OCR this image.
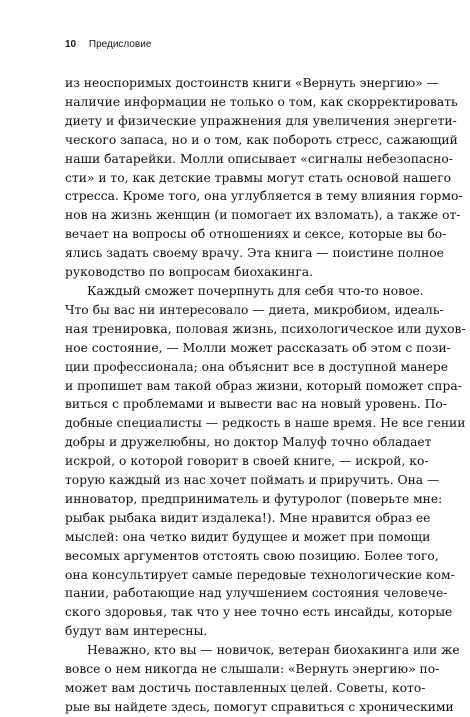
10 Предисловие

из неоспоримых достоинств книги «Вернуть энергию» —
наличие информации не только о том, как скорректировать
диету и физические упражнения для увеличения энергети-
ческого запаса, но и о том, как побороть стресс, сажающий
наши батарейки. Молли описывает «сигналы небезопасно-
сти» и то, как детские травмы могут стать основой нашего
стресса. Кроме того, она углубляется в тему влияния гормо-
нов на жизнь женщин (и помогает их взломать), а также от-
вечает на вопросы об отношениях и сексе, которые вы бо-
ялись задать своему врачу. Эта книга — поистине полное
руководство по вопросам биохакинга.

Каждый сможет почерпнуть для себя что-то новое.
Что бы вас ни интересовало — диета, микробиом, идеаль-
ная тренировка, половая жизнь, психологическое или духов-
ное состояние, — Молли может рассказать об этом с пози-
ции профессионала; она объяснит все в доступной манере
и пропишет вам такой образ жизни, который поможет спра-
виться с проблемами и вывести вас на новый уровень. По-
добные специалисты — редкость в наше время. Не все гении
добры и дружелюбны, но доктор Малуф точно обладает
искрой, о которой говорит в своей книге, — искрой, ко-
торую каждый из нас хочет поймать и приручить. Она —
инноватор, предприниматель и футуролог (поверьте мне:
рыбак рыбака видит издалека!). Мне нравится образ ее
мыслей: она четко видит будущее и может при помощи
весомых аргументов отстоять свою позицию. Более того,
она консультирует самые передовые технологические ком-
пании, работающие над улучшением состояния человече-
ского здоровья, так что у нее точно есть инсайды, которые
будут вам интересны.

Неважно, кто вы — новичок, ветеран биохакинга или же
вовсе о нем никогда не слышали: «Вернуть энергию» по-
может вам достичь поставленных целей. Советы, кото-
рые вы найдете здесь, помогут справиться с хроническими
